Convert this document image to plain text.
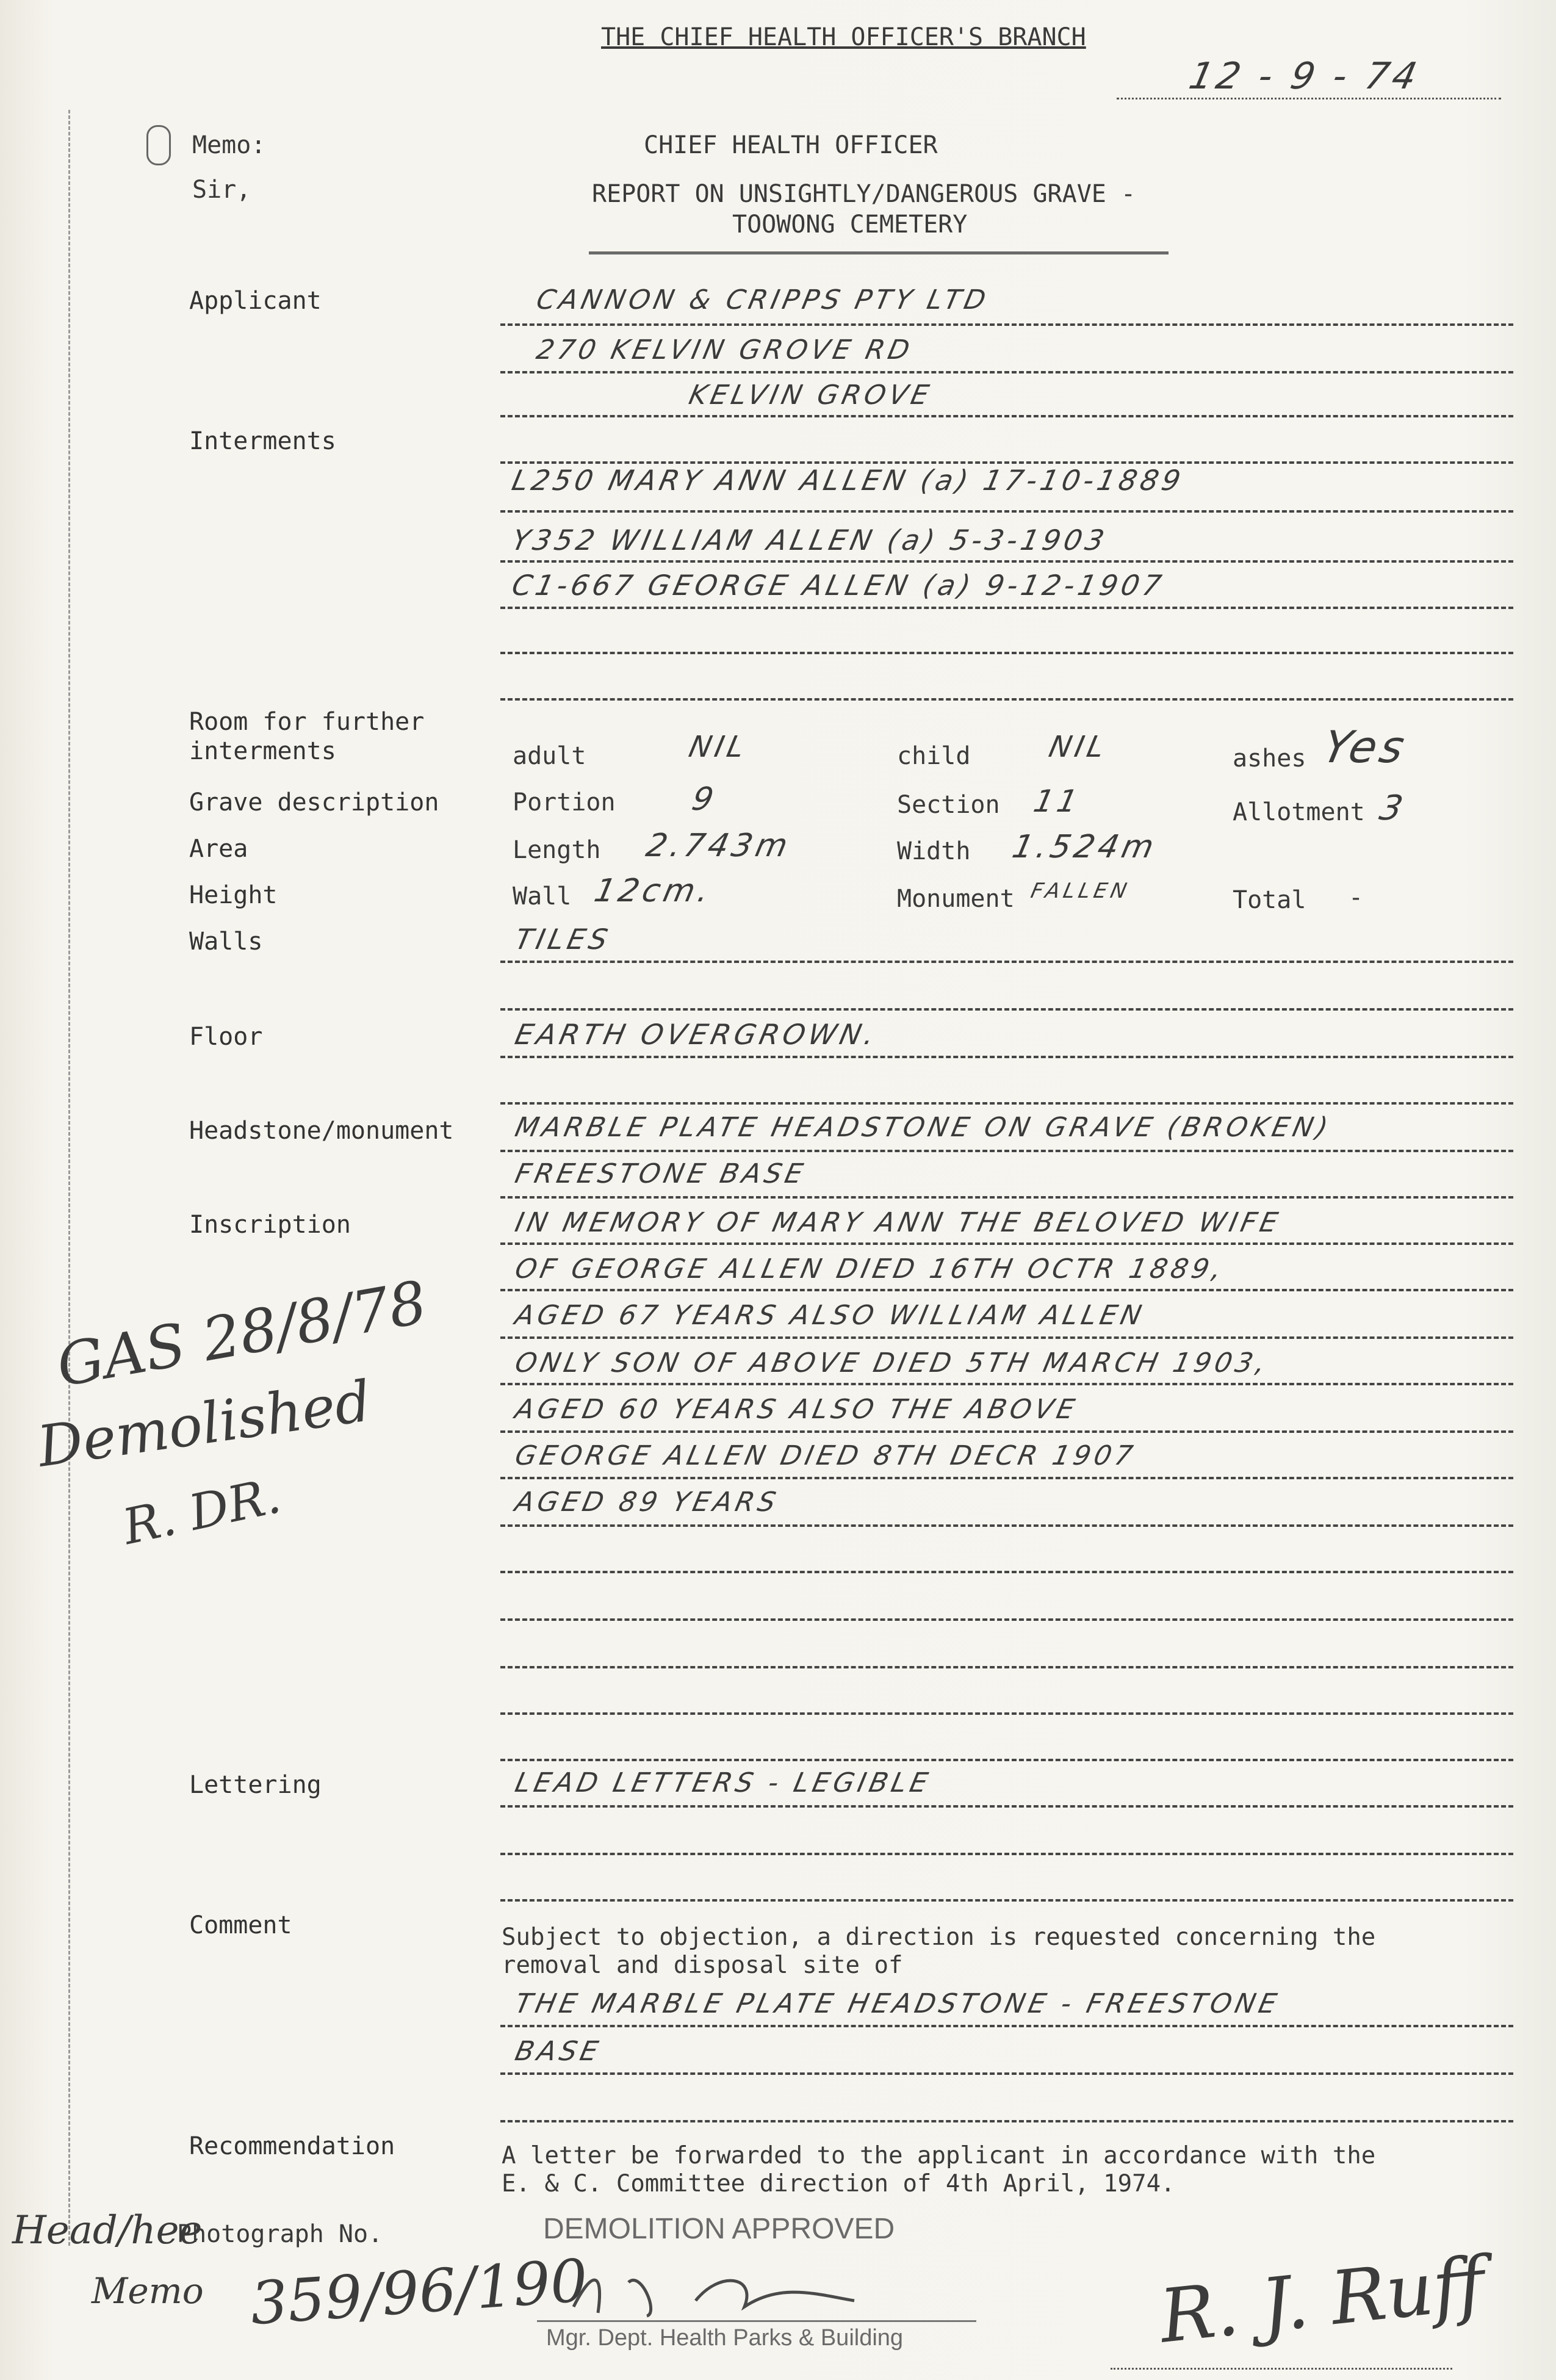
THE CHIEF HEALTH OFFICER'S BRANCH
12 - 9 - 74
Memo:
Sir,
CHIEF HEALTH OFFICER
REPORT ON UNSIGHTLY/DANGEROUS GRAVE -
TOOWONG CEMETERY
Applicant	CANNON & CRIPPS PTY LTD
270 KELVIN GROVE RD
KELVIN GROVE
Interments
L250 MARY ANN ALLEN (a) 17-10-1889
Y352 WILLIAM ALLEN (a) 5-3-1903
C1-667 GEORGE ALLEN (a) 9-12-1907
Room for further
interments	adult	NIL	child	NIL	ashes Yes
Grave description	Portion 9	Section 11	Allotment 3
Area	Length 2.743m	Width 1.524m
Height	Wall 12cm.	Monument FALLEN	Total -
Walls	TILES
Floor	EARTH OVERGROWN.
Headstone/monument MARBLE PLATE HEADSTONE ON GRAVE (BROKEN)
FREESTONE BASE
Inscription	IN MEMORY OF MARY ANN THE BELOVED WIFE
OF GEORGE ALLEN DIED 16TH OCTR 1889,
AGED 67 YEARS ALSO WILLIAM ALLEN
ONLY SON OF ABOVE DIED 5TH MARCH 1903,
AGED 60 YEARS ALSO THE ABOVE
GEORGE ALLEN DIED 8TH DECR 1907
AGED 89 YEARS
GAS 28/8/78
Demolished
R. DR.
Lettering	LEAD LETTERS - LEGIBLE
Comment	Subject to objection, a direction is requested concerning the
removal and disposal site of
THE MARBLE PLATE HEADSTONE - FREESTONE
BASE
Recommendation	A letter be forwarded to the applicant in accordance with the
E. & C. Committee direction of 4th April, 1974.
Head/hee
Photograph No.
Memo 359/96/190
DEMOLITION APPROVED
Mgr. Dept. Health Parks & Building	R. J. Ruff
